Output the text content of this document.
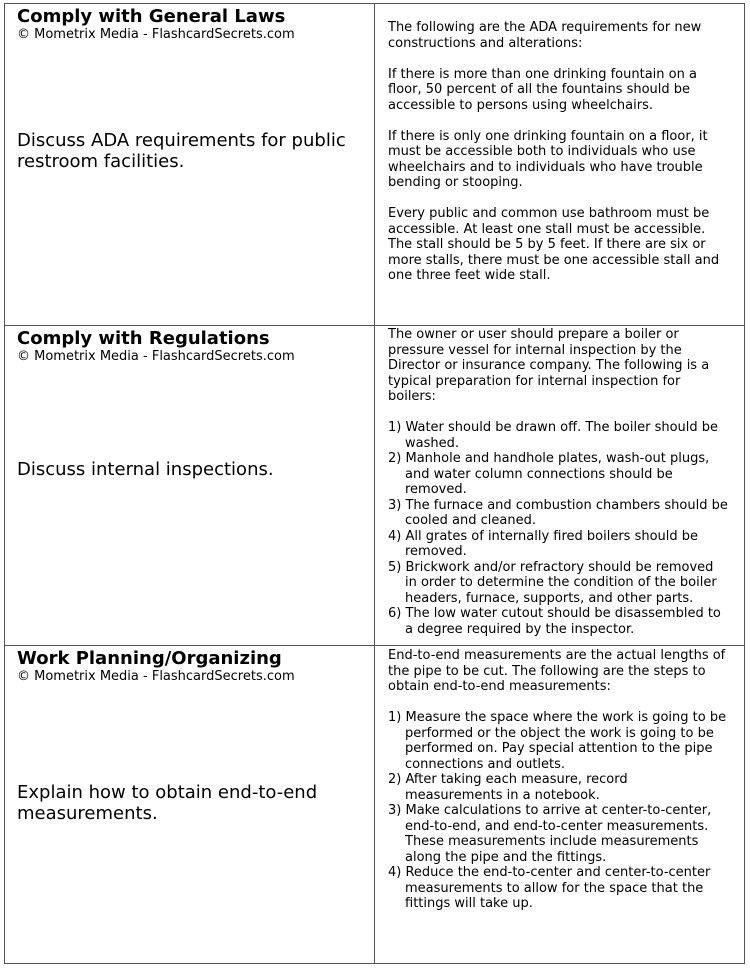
Comply with General Laws
© Mometrix Media - FlashcardSecrets.com
Discuss ADA requirements for public restroom facilities.

The following are the ADA requirements for new constructions and alterations:

If there is more than one drinking fountain on a floor, 50 percent of all the fountains should be accessible to persons using wheelchairs.

If there is only one drinking fountain on a floor, it must be accessible both to individuals who use wheelchairs and to individuals who have trouble bending or stooping.

Every public and common use bathroom must be accessible. At least one stall must be accessible. The stall should be 5 by 5 feet. If there are six or more stalls, there must be one accessible stall and one three feet wide stall.

Comply with Regulations
© Mometrix Media - FlashcardSecrets.com
Discuss internal inspections.

The owner or user should prepare a boiler or pressure vessel for internal inspection by the Director or insurance company. The following is a typical preparation for internal inspection for boilers:

1) Water should be drawn off. The boiler should be washed.
2) Manhole and handhole plates, wash-out plugs, and water column connections should be removed.
3) The furnace and combustion chambers should be cooled and cleaned.
4) All grates of internally fired boilers should be removed.
5) Brickwork and/or refractory should be removed in order to determine the condition of the boiler headers, furnace, supports, and other parts.
6) The low water cutout should be disassembled to a degree required by the inspector.
Work Planning/Organizing
© Mometrix Media - FlashcardSecrets.com
Explain how to obtain end-to-end measurements.

End-to-end measurements are the actual lengths of the pipe to be cut. The following are the steps to obtain end-to-end measurements:

1) Measure the space where the work is going to be performed or the object the work is going to be performed on. Pay special attention to the pipe connections and outlets.
2) After taking each measure, record measurements in a notebook.
3) Make calculations to arrive at center-to-center, end-to-end, and end-to-center measurements. These measurements include measurements along the pipe and the fittings.
4) Reduce the end-to-center and center-to-center measurements to allow for the space that the fittings will take up.
